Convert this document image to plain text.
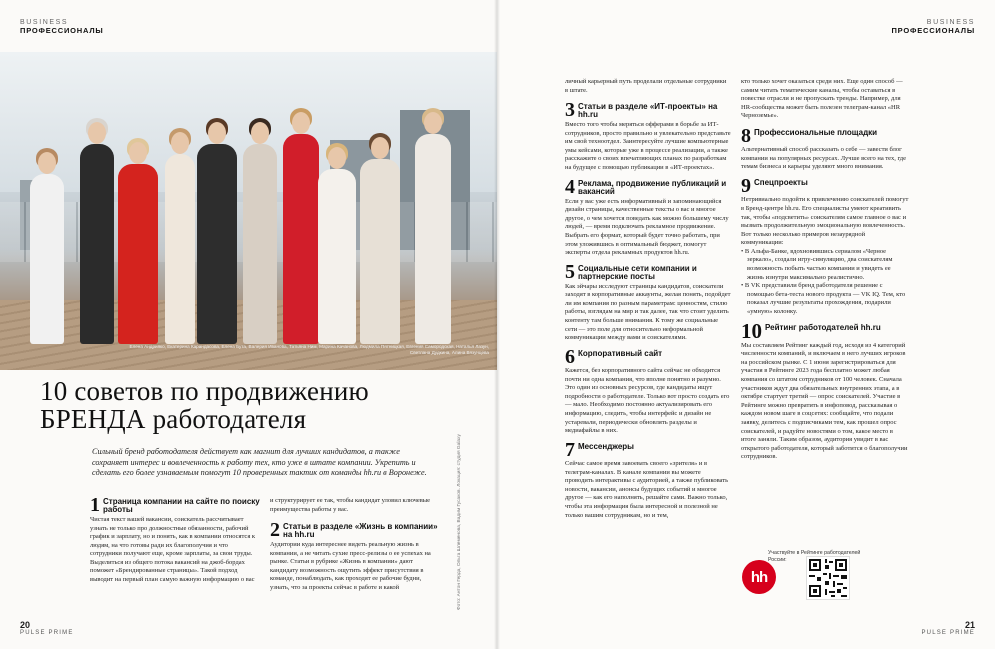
BUSINESS
ПРОФЕССИОНАЛЫ
Елена Андрияко, Екатерина Карандасова, Елена Бута, Валерия Иванова, Татьяна Ним, Марина Качанова, Людмила Пятницкая, Евгения Самородская, Наталья Лазун, Светлана Дудкина, Алина Вязунцева
Фото: Антон Герда, Ольга Шлеменова, Вадим Гусаков. Локация: студия Galaxy
10 советов по продвижению
БРЕНДА работодателя

Сильный бренд работодателя действует как магнит для лучших кандидатов, а также сохраняет интерес и вовлеченность к работу тех, кто уже в штате компании. Укрепить и сделать его более узнаваемым помогут 10 проверенных тактик от команды hh.ru в Воронеже.

1 Страница компании на сайте по поиску работы

Чистая текст вашей вакансии, соискатель рассчитывает узнать не только про должностные обязанности, рабочий график и зарплату, но и понять, как в компании относятся к людям, на что готовы ради их благополучия и что сотрудники получают еще, кроме зарплаты, за свои труды. Выделиться из общего потока вакансий на джоб-бордах поможет «Брендированные страницы». Такой подход выводит на первый план самую важную информацию о вас

и структурирует ее так, чтобы кандидат уловил ключевые преимущества работы у вас.

2 Статьи в разделе «Жизнь в компании» на hh.ru

Аудитории куда интереснее видеть реальную жизнь в компании, а не читать сухие пресс-релизы о ее успехах на рынке. Статьи в рубрике «Жизнь в компании» дают кандидату возможность ощутить эффект присутствия в команде, понаблюдать, как проходят ее рабочие будни, узнать, что за проекты сейчас в работе и какой

20
PULSE PRIME
BUSINESS
ПРОФЕССИОНАЛЫ
21
PULSE PRIME

личный карьерный путь проделали отдельные сотрудники в штате.

3 Статьи в разделе «ИТ-проекты» на hh.ru

Вместо того чтобы меряться офферами в борьбе за ИТ-сотрудников, просто правильно и увлекательно представьте им свой техноотдел. Заинтересуйте лучшие компьютерные умы кейсами, которые уже в процессе реализации, а также расскажите о своих впечатляющих планах по разработкам на будущее с помощью публикации в «ИТ-проектах».

4 Реклама, продвижение публикаций и вакансий

Если у вас уже есть информативный и запоминающийся дизайн страницы, качественные тексты о вас и многое другое, о чем хочется поведать как можно большему числу людей, — время подключать рекламное продвижение. Выбрать его формат, который будет точно работать, при этом уложившись в оптимальный бюджет, помогут эксперты отдела рекламных продуктов hh.ru.

5 Социальные сети компании и партнерские посты

Как эйчары исследуют страницы кандидатов, соискатели заходят в корпоративные аккаунты, желая понять, подойдет ли им компания по разным параметрам: ценностям, стилю работы, взглядам на мир и так далее, так что стоит уделить контенту там больше внимания. К тому же социальные сети — это поле для относительно неформальной коммуникации между вами и соискателями.

6 Корпоративный сайт

Кажется, без корпоративного сайта сейчас не обходится почти ни одна компания, что вполне понятно и разумно. Это один из основных ресурсов, где кандидаты ищут подробности о работодателе. Только вот просто создать его — мало. Необходимо постоянно актуализировать его информацию, следить, чтобы интерфейс и дизайн не устаревали, периодически обновлять разделы и медиафайлы в них.

7 Мессенджеры

Сейчас самое время завоевать своего «зрителя» и в телеграм-каналах. В канале компании вы можете проводить интерактивы с аудиторией, а также публиковать новости, вакансии, анонсы будущих событий и многое другое — как его наполнять, решайте сами. Важно только, чтобы эта информация была интересной и полезной не только вашим сотрудникам, но и тем,

кто только хочет оказаться среди них. Еще один способ — самим читать тематические каналы, чтобы оставаться в повестке отрасли и не пропускать тренды. Например, для HR-сообщества может быть полезен телеграм-канал «HR Черноземье».

8 Профессиональные площадки

Альтернативный способ рассказать о себе — завести блог компании на популярных ресурсах. Лучше всего на тех, где темам бизнеса и карьеры уделяют много внимания.

9 Спецпроекты

Нетривиально подойти к привлечению соискателей помогут в Бренд-центре hh.ru. Его специалисты умеют креативить так, чтобы «подсветить» соискателям самое главное о вас и вызвать продолжительную эмоциональную вовлеченность. Вот только несколько примеров незаурядной коммуникации:

• В Альфа-Банке, вдохновившись сериалом «Черное зеркало», создали игру-симуляцию, два соискателям возможность побыть частью компании и увидеть ее жизнь изнутри максимально реалистично.

• В VK представили бренд работодателя решение с помощью бета-теста нового продукта — VK IQ. Тем, кто показал лучшие результаты прохождения, подарили «умную» колонку.

10 Рейтинг работодателей hh.ru

Мы составляем Рейтинг каждый год, исходя из 4 категорий численности компаний, и включаем в него лучших игроков на российском рынке. С 1 июня зарегистрироваться для участия в Рейтинге 2023 года бесплатно может любая компания со штатом сотрудников от 100 человек. Сначала участников ждут два обязательных внутренних этапа, а в октябре стартует третий — опрос соискателей. Участие в Рейтинге можно превратить в инфоповод, рассказывая о каждом новом шаге в соцсетях: сообщайте, что подали заявку, делитесь с подписчиками тем, как прошел опрос соискателей, и радуйте новостями о том, какое место в итоге заняли. Таким образом, аудитория увидит в вас открытого работодателя, который заботится о благополучии сотрудников.

Участвуйте в Рейтинге работодателей России:
hh
